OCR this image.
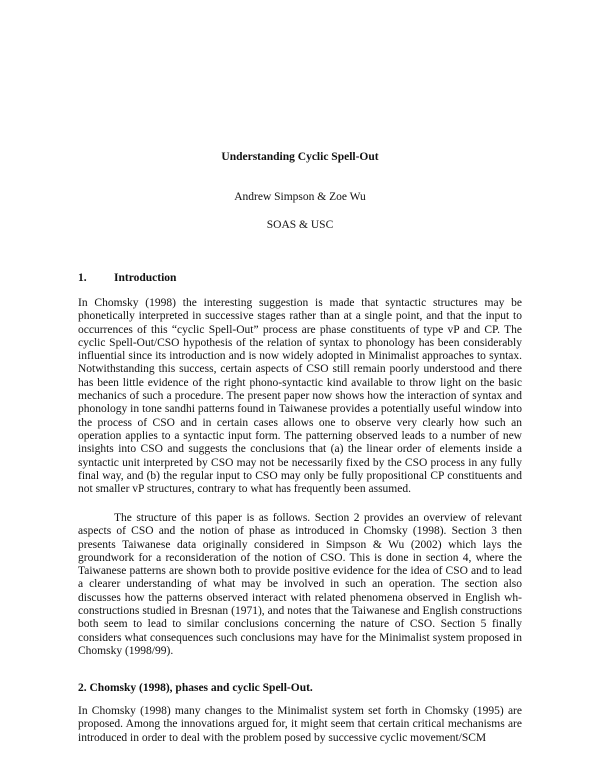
Understanding Cyclic Spell-Out
Andrew Simpson & Zoe Wu
SOAS & USC
1. Introduction
In Chomsky (1998) the interesting suggestion is made that syntactic structures may be phonetically interpreted in successive stages rather than at a single point, and that the input to occurrences of this “cyclic Spell-Out” process are phase constituents of type vP and CP. The cyclic Spell-Out/CSO hypothesis of the relation of syntax to phonology has been considerably influential since its introduction and is now widely adopted in Minimalist approaches to syntax. Notwithstanding this success, certain aspects of CSO still remain poorly understood and there has been little evidence of the right phono-syntactic kind available to throw light on the basic mechanics of such a procedure. The present paper now shows how the interaction of syntax and phonology in tone sandhi patterns found in Taiwanese provides a potentially useful window into the process of CSO and in certain cases allows one to observe very clearly how such an operation applies to a syntactic input form. The patterning observed leads to a number of new insights into CSO and suggests the conclusions that (a) the linear order of elements inside a syntactic unit interpreted by CSO may not be necessarily fixed by the CSO process in any fully final way, and (b) the regular input to CSO may only be fully propositional CP constituents and not smaller vP structures, contrary to what has frequently been assumed.
The structure of this paper is as follows. Section 2 provides an overview of relevant aspects of CSO and the notion of phase as introduced in Chomsky (1998). Section 3 then presents Taiwanese data originally considered in Simpson & Wu (2002) which lays the groundwork for a reconsideration of the notion of CSO. This is done in section 4, where the Taiwanese patterns are shown both to provide positive evidence for the idea of CSO and to lead a clearer understanding of what may be involved in such an operation. The section also discusses how the patterns observed interact with related phenomena observed in English wh-constructions studied in Bresnan (1971), and notes that the Taiwanese and English constructions both seem to lead to similar conclusions concerning the nature of CSO. Section 5 finally considers what consequences such conclusions may have for the Minimalist system proposed in Chomsky (1998/99).
2. Chomsky (1998), phases and cyclic Spell-Out.
In Chomsky (1998) many changes to the Minimalist system set forth in Chomsky (1995) are proposed. Among the innovations argued for, it might seem that certain critical mechanisms are introduced in order to deal with the problem posed by successive cyclic movement/SCM
